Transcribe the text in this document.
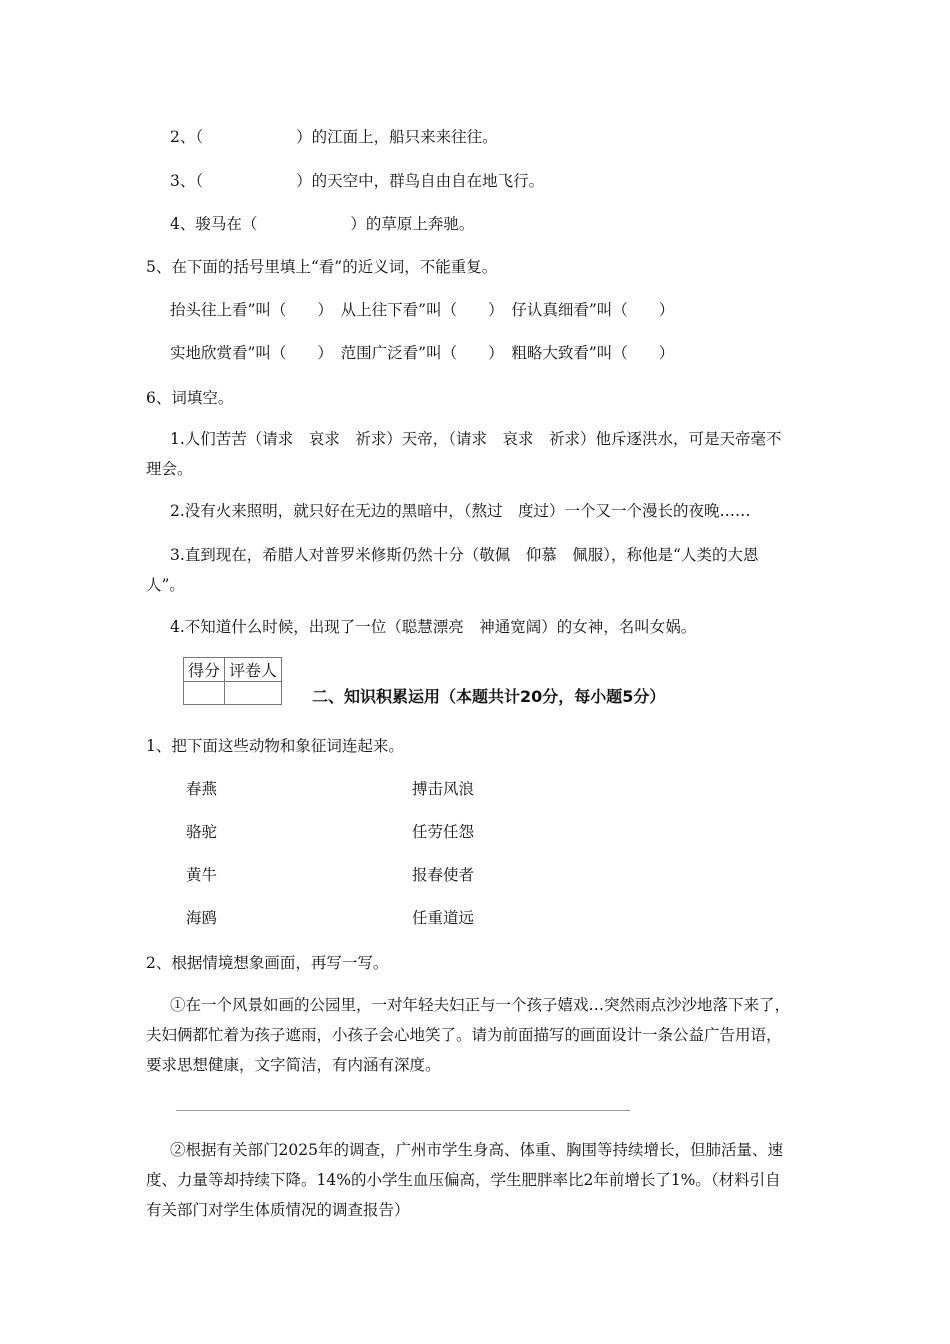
2、（　　　　　　）的江面上，船只来来往往。
3、（　　　　　　）的天空中，群鸟自由自在地飞行。
4、骏马在（　　　　　　）的草原上奔驰。
5、在下面的括号里填上“看”的近义词，不能重复。
抬头往上看”叫（　　）　从上往下看”叫（　　）　仔认真细看”叫（　　）
实地欣赏看”叫（　　）　范围广泛看”叫（　　）　粗略大致看”叫（　　）
6、词填空。
1.人们苦苦（请求　哀求　祈求）天帝，（请求　哀求　祈求）他斥逐洪水，可是天帝毫不理会。
2.没有火来照明，就只好在无边的黑暗中，（熬过　度过）一个又一个漫长的夜晚……
3.直到现在，希腊人对普罗米修斯仍然十分（敬佩　仰慕　佩服），称他是“人类的大恩人”。
4.不知道什么时候，出现了一位（聪慧漂亮　神通宽阔）的女神，名叫女娲。
得分	评卷人

二、知识积累运用（本题共计20分，每小题5分）
1、把下面这些动物和象征词连起来。
春燕	搏击风浪
骆驼	任劳任怨
黄牛	报春使者
海鸥	任重道远
2、根据情境想象画面，再写一写。
①在一个风景如画的公园里，一对年轻夫妇正与一个孩子嬉戏…突然雨点沙沙地落下来了，夫妇俩都忙着为孩子遮雨，小孩子会心地笑了。请为前面描写的画面设计一条公益广告用语，要求思想健康，文字简洁，有内涵有深度。
②根据有关部门2025年的调查，广州市学生身高、体重、胸围等持续增长，但肺活量、速度、力量等却持续下降。14%的小学生血压偏高，学生肥胖率比2年前增长了1%。（材料引自有关部门对学生体质情况的调查报告）
